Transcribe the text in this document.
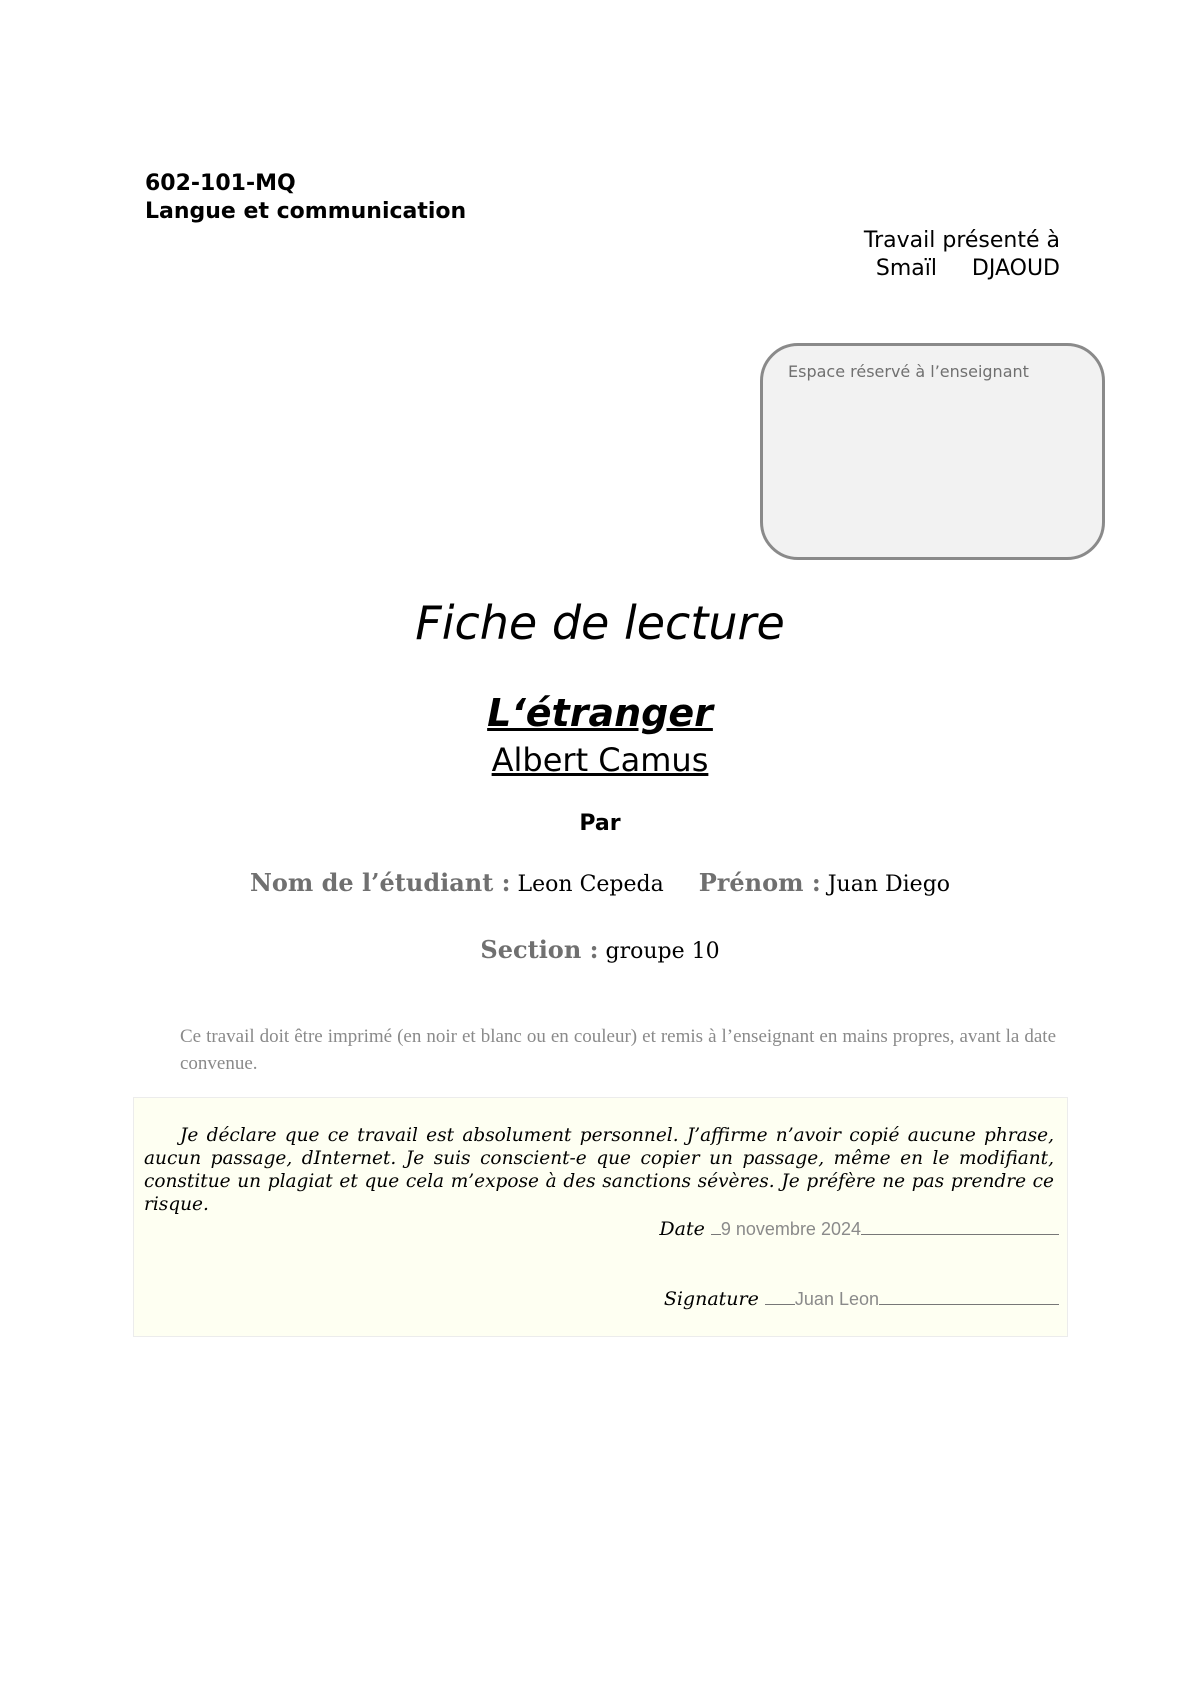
602-101-MQ
Langue et communication
Travail présenté à
Smaïl     DJAOUD
Espace réservé à l’enseignant
Fiche de lecture
L‘étranger
Albert Camus
Par
Nom de l’étudiant : Leon Cepeda Prénom : Juan Diego
Section : groupe 10
Ce travail doit être imprimé (en noir et blanc ou en couleur) et remis à l’enseignant en mains propres, avant la date convenue.
Je déclare que ce travail est absolument personnel. J’affirme n’avoir copié aucune phrase, aucun passage, dInternet. Je suis conscient-e que copier un passage, même en le modifiant, constitue un plagiat et que cela m’expose à des sanctions sévères. Je préfère ne pas prendre ce risque.
Date 9 novembre 2024
Signature Juan Leon
